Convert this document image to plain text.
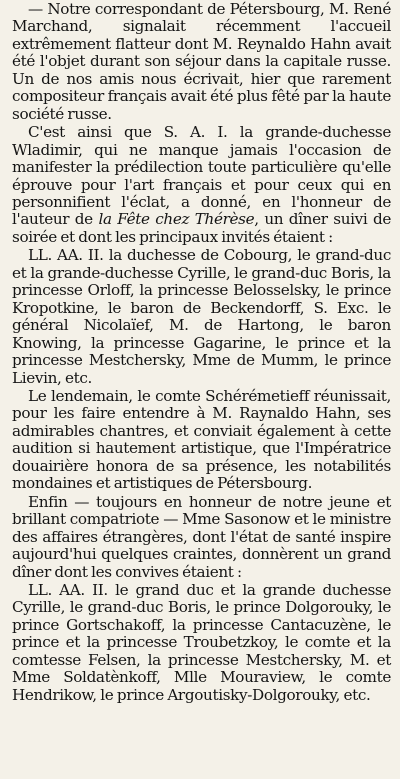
— Notre correspondant de Pétersbourg, M. René Marchand, signalait récemment l'accueil extrêmement flatteur dont M. Reynaldo Hahn avait été l'objet durant son séjour dans la capitale russe. Un de nos amis nous écrivait, hier que rarement compositeur français avait été plus fêté par la haute société russe.

C'est ainsi que S. A. I. la grande-duchesse Wladimir, qui ne manque jamais l'occasion de manifester la prédilection toute particulière qu'elle éprouve pour l'art français et pour ceux qui en personnifient l'éclat, a donné, en l'honneur de l'auteur de la Fête chez Thérèse, un dîner suivi de soirée et dont les principaux invités étaient :

LL. AA. II. la duchesse de Cobourg, le grand-duc et la grande-duchesse Cyrille, le grand-duc Boris, la princesse Orloff, la princesse Belosselsky, le prince Kropotkine, le baron de Beckendorff, S. Exc. le général Nicolaïef, M. de Hartong, le baron Knowing, la princesse Gagarine, le prince et la princesse Mestchersky, Mme de Mumm, le prince Lievin, etc.

Le lendemain, le comte Schérémetieff réunissait, pour les faire entendre à M. Raynaldo Hahn, ses admirables chantres, et conviait également à cette audition si hautement artistique, que l'Impératrice douairière honora de sa présence, les notabilités mondaines et artistiques de Pétersbourg.

Enfin — toujours en honneur de notre jeune et brillant compatriote — Mme Sasonow et le ministre des affaires étrangères, dont l'état de santé inspire aujourd'hui quelques craintes, donnèrent un grand dîner dont les convives étaient :

LL. AA. II. le grand duc et la grande duchesse Cyrille, le grand-duc Boris, le prince Dolgorouky, le prince Gortschakoff, la princesse Cantacuzène, le prince et la princesse Troubetzkoy, le comte et la comtesse Felsen, la princesse Mestchersky, M. et Mme Soldatènkoff, Mlle Mouraview, le comte Hendrikow, le prince Argoutisky-Dolgorouky, etc.
